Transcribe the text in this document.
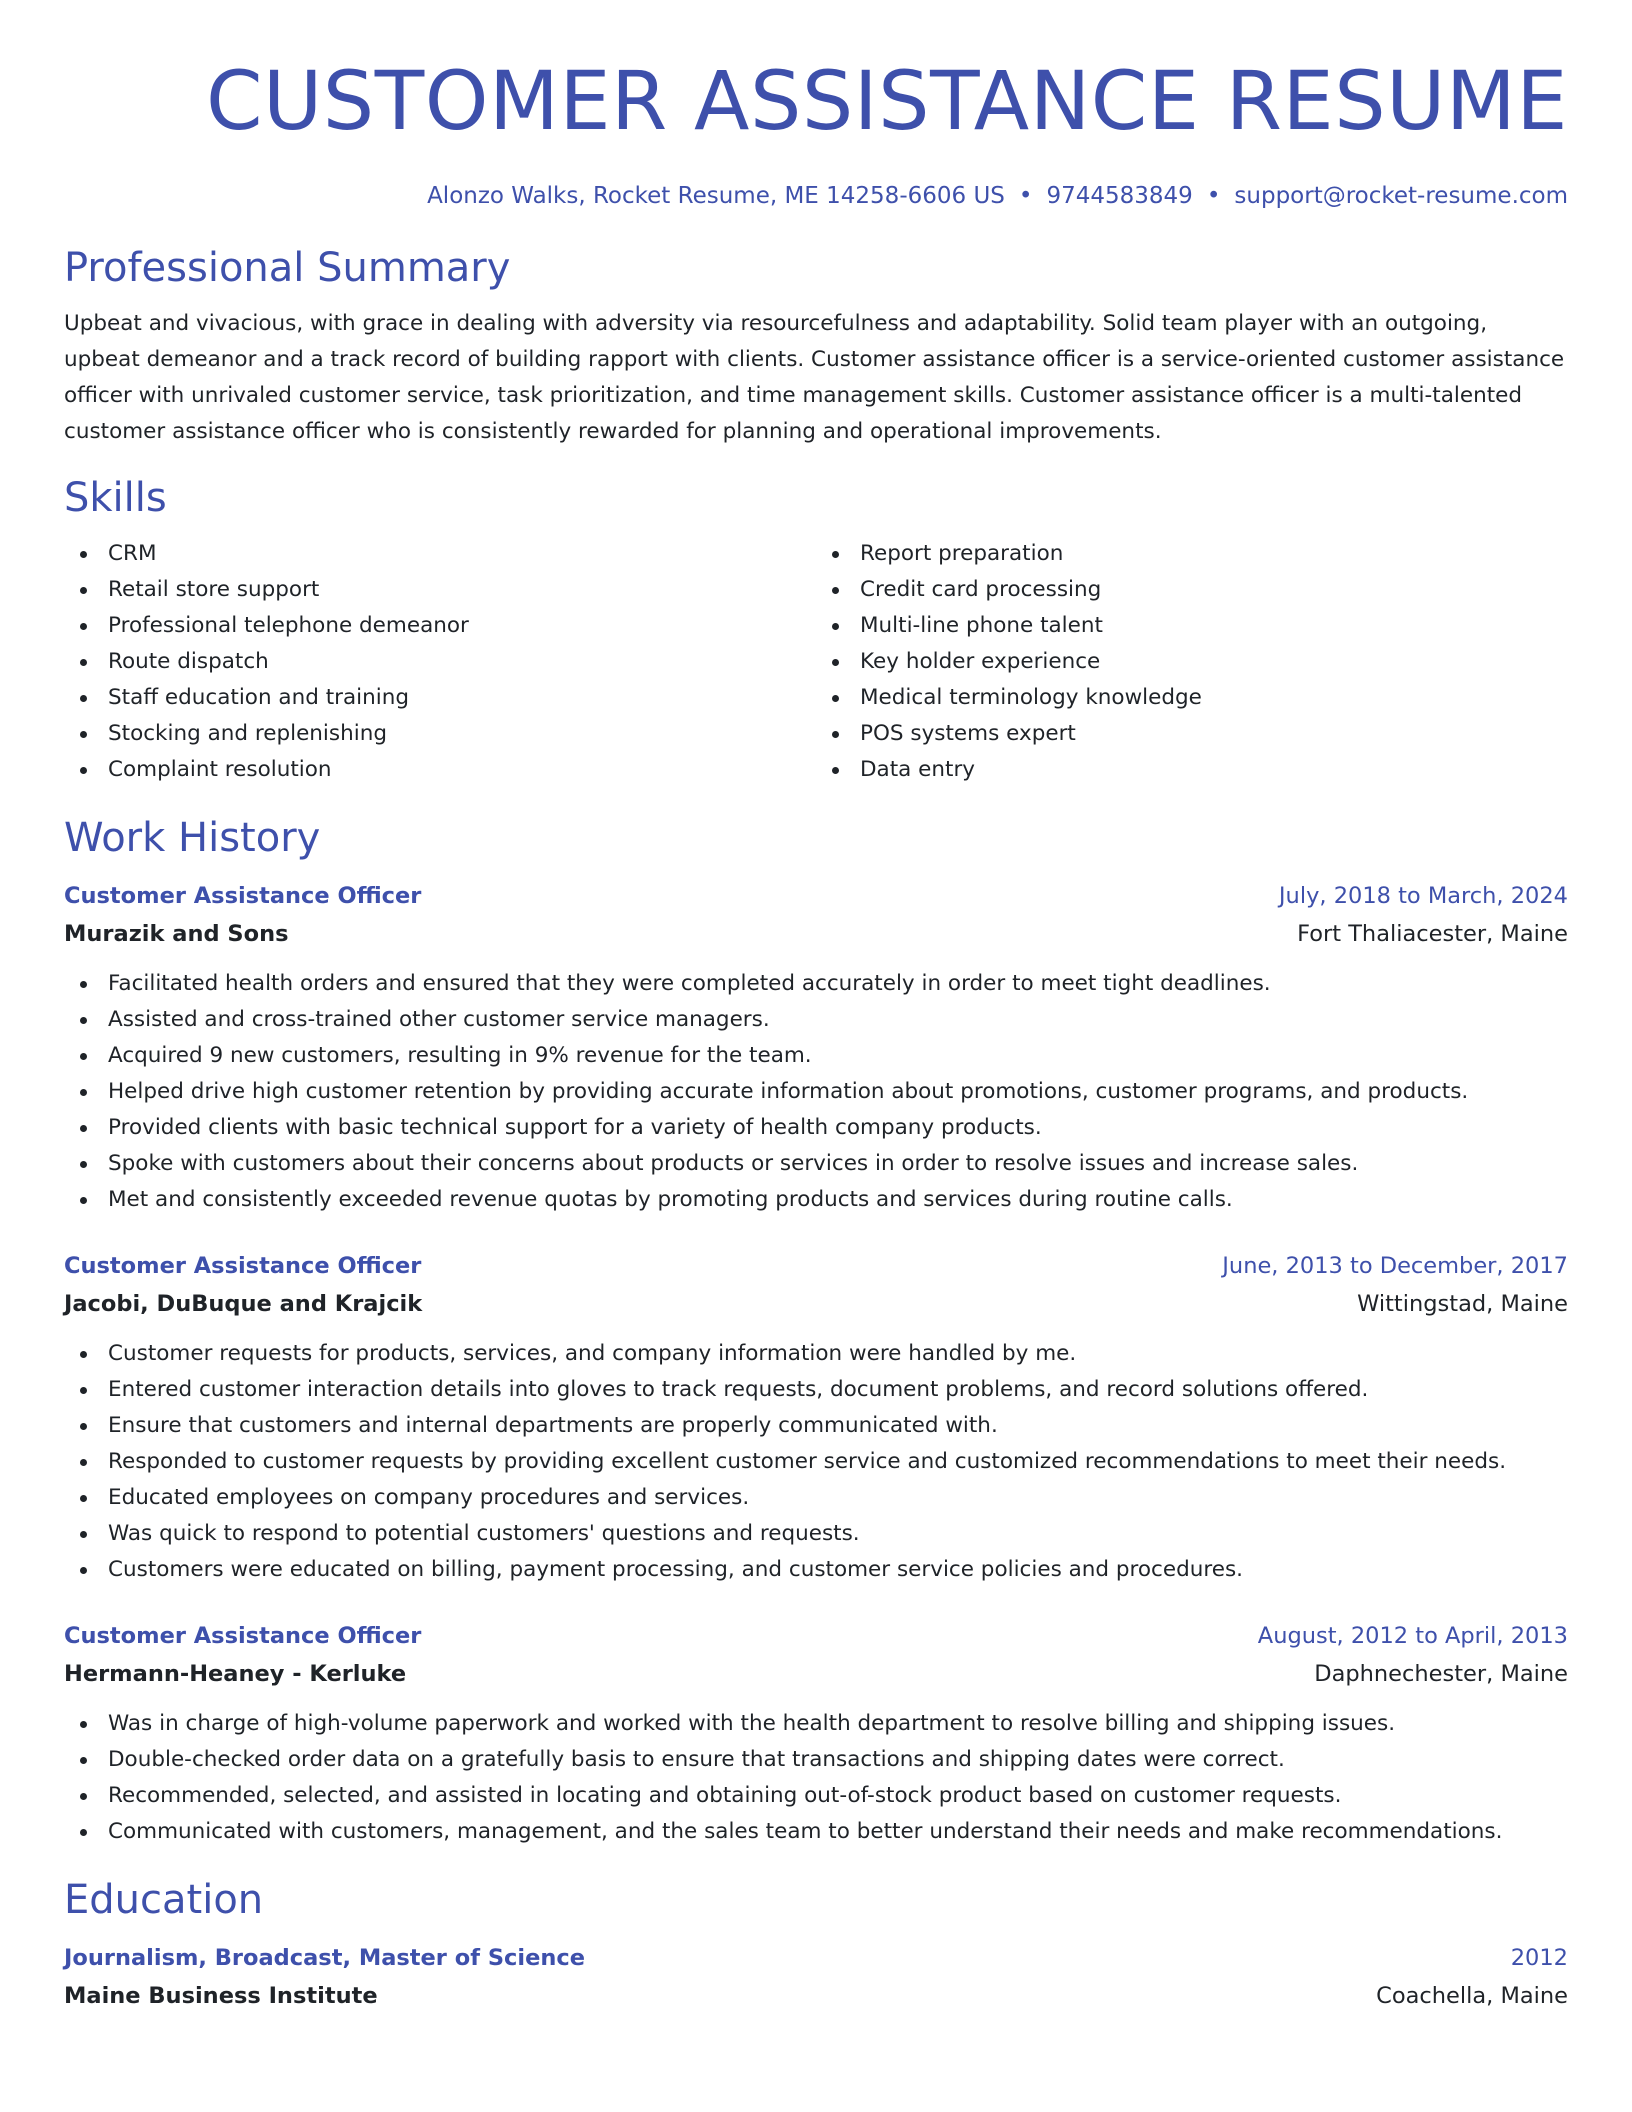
CUSTOMER ASSISTANCE RESUME
Alonzo Walks, Rocket Resume, ME 14258-6606 US • 9744583849 • support@rocket-resume.com
Professional Summary

Upbeat and vivacious, with grace in dealing with adversity via resourcefulness and adaptability. Solid team player with an outgoing, upbeat demeanor and a track record of building rapport with clients. Customer assistance officer is a service-oriented customer assistance officer with unrivaled customer service, task prioritization, and time management skills. Customer assistance officer is a multi-talented customer assistance officer who is consistently rewarded for planning and operational improvements.

Skills
CRM
Retail store support
Professional telephone demeanor
Route dispatch
Staff education and training
Stocking and replenishing
Complaint resolution
Report preparation
Credit card processing
Multi-line phone talent
Key holder experience
Medical terminology knowledge
POS systems expert
Data entry
Work History
Customer Assistance Officer	July, 2018 to March, 2024
Murazik and Sons	Fort Thaliacester, Maine
Facilitated health orders and ensured that they were completed accurately in order to meet tight deadlines.
Assisted and cross-trained other customer service managers.
Acquired 9 new customers, resulting in 9% revenue for the team.
Helped drive high customer retention by providing accurate information about promotions, customer programs, and products.
Provided clients with basic technical support for a variety of health company products.
Spoke with customers about their concerns about products or services in order to resolve issues and increase sales.
Met and consistently exceeded revenue quotas by promoting products and services during routine calls.
Customer Assistance Officer	June, 2013 to December, 2017
Jacobi, DuBuque and Krajcik	Wittingstad, Maine
Customer requests for products, services, and company information were handled by me.
Entered customer interaction details into gloves to track requests, document problems, and record solutions offered.
Ensure that customers and internal departments are properly communicated with.
Responded to customer requests by providing excellent customer service and customized recommendations to meet their needs.
Educated employees on company procedures and services.
Was quick to respond to potential customers' questions and requests.
Customers were educated on billing, payment processing, and customer service policies and procedures.
Customer Assistance Officer	August, 2012 to April, 2013
Hermann-Heaney - Kerluke	Daphnechester, Maine
Was in charge of high-volume paperwork and worked with the health department to resolve billing and shipping issues.
Double-checked order data on a gratefully basis to ensure that transactions and shipping dates were correct.
Recommended, selected, and assisted in locating and obtaining out-of-stock product based on customer requests.
Communicated with customers, management, and the sales team to better understand their needs and make recommendations.
Education
Journalism, Broadcast, Master of Science	2012
Maine Business Institute	Coachella, Maine
